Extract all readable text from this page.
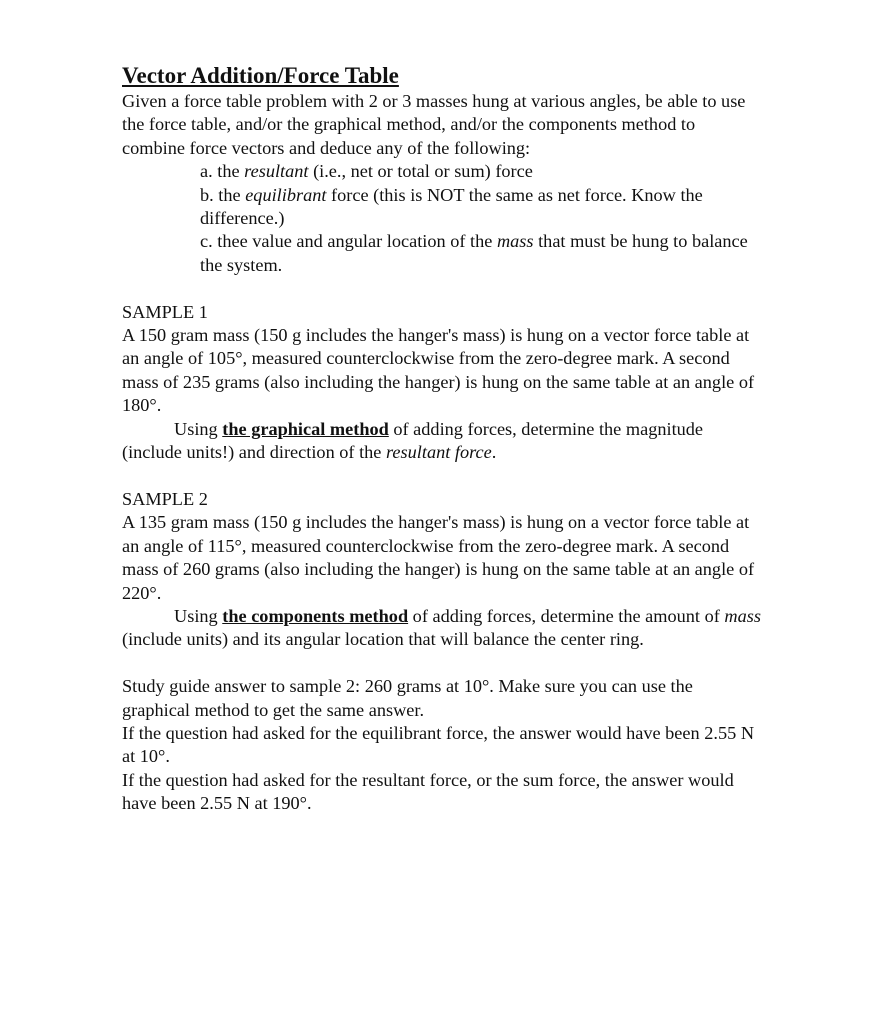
Vector Addition/Force Table

Given a force table problem with 2 or 3 masses hung at various angles, be able to use the force table, and/or the graphical method, and/or the components method to combine force vectors and deduce any of the following:

a. the resultant (i.e., net or total or sum) force

b. the equilibrant force (this is NOT the same as net force. Know the difference.)

c. thee value and angular location of the mass that must be hung to balance the system.

SAMPLE 1

A 150 gram mass (150 g includes the hanger's mass) is hung on a vector force table at an angle of 105°, measured counterclockwise from the zero-degree mark. A second mass of 235 grams (also including the hanger) is hung on the same table at an angle of 180°.

Using the graphical method of adding forces, determine the magnitude (include units!) and direction of the resultant force.

SAMPLE 2

A 135 gram mass (150 g includes the hanger's mass) is hung on a vector force table at an angle of 115°, measured counterclockwise from the zero-degree mark. A second mass of 260 grams (also including the hanger) is hung on the same table at an angle of 220°.

Using the components method of adding forces, determine the amount of mass (include units) and its angular location that will balance the center ring.

Study guide answer to sample 2: 260 grams at 10°. Make sure you can use the graphical method to get the same answer.

If the question had asked for the equilibrant force, the answer would have been 2.55 N at 10°.

If the question had asked for the resultant force, or the sum force, the answer would have been 2.55 N at 190°.
